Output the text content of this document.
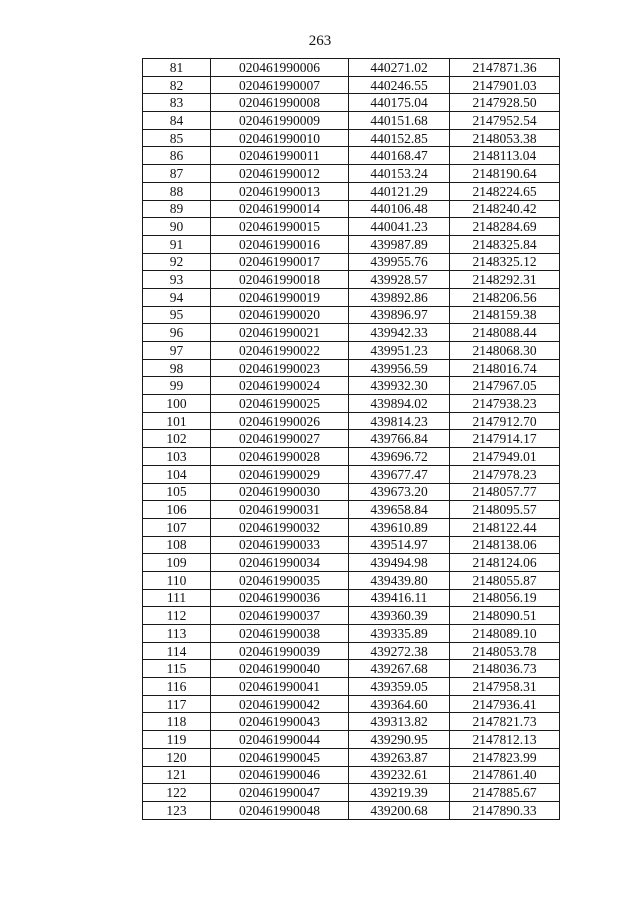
263
81	020461990006	440271.02	2147871.36
82	020461990007	440246.55	2147901.03
83	020461990008	440175.04	2147928.50
84	020461990009	440151.68	2147952.54
85	020461990010	440152.85	2148053.38
86	020461990011	440168.47	2148113.04
87	020461990012	440153.24	2148190.64
88	020461990013	440121.29	2148224.65
89	020461990014	440106.48	2148240.42
90	020461990015	440041.23	2148284.69
91	020461990016	439987.89	2148325.84
92	020461990017	439955.76	2148325.12
93	020461990018	439928.57	2148292.31
94	020461990019	439892.86	2148206.56
95	020461990020	439896.97	2148159.38
96	020461990021	439942.33	2148088.44
97	020461990022	439951.23	2148068.30
98	020461990023	439956.59	2148016.74
99	020461990024	439932.30	2147967.05
100	020461990025	439894.02	2147938.23
101	020461990026	439814.23	2147912.70
102	020461990027	439766.84	2147914.17
103	020461990028	439696.72	2147949.01
104	020461990029	439677.47	2147978.23
105	020461990030	439673.20	2148057.77
106	020461990031	439658.84	2148095.57
107	020461990032	439610.89	2148122.44
108	020461990033	439514.97	2148138.06
109	020461990034	439494.98	2148124.06
110	020461990035	439439.80	2148055.87
111	020461990036	439416.11	2148056.19
112	020461990037	439360.39	2148090.51
113	020461990038	439335.89	2148089.10
114	020461990039	439272.38	2148053.78
115	020461990040	439267.68	2148036.73
116	020461990041	439359.05	2147958.31
117	020461990042	439364.60	2147936.41
118	020461990043	439313.82	2147821.73
119	020461990044	439290.95	2147812.13
120	020461990045	439263.87	2147823.99
121	020461990046	439232.61	2147861.40
122	020461990047	439219.39	2147885.67
123	020461990048	439200.68	2147890.33
